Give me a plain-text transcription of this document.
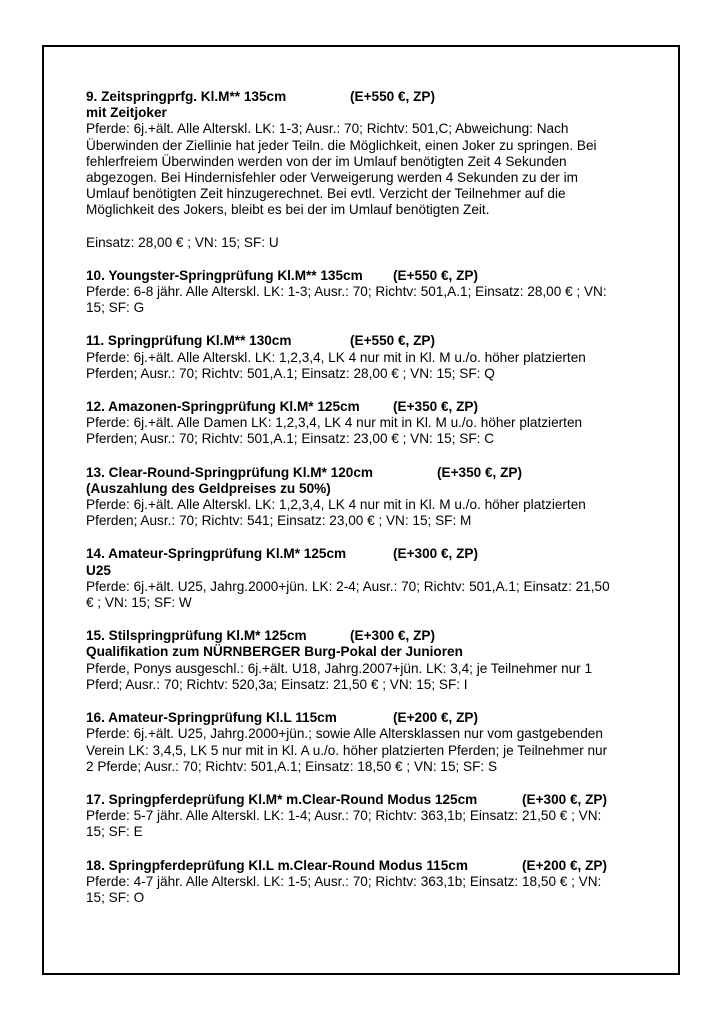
9. Zeitspringprfg. Kl.M** 135cm	(E+550 €, ZP)
mit Zeitjoker
Pferde: 6j.+ält. Alle Alterskl. LK: 1-3; Ausr.: 70; Richtv: 501,C; Abweichung: Nach
Überwinden der Ziellinie hat jeder Teiln. die Möglichkeit, einen Joker zu springen. Bei
fehlerfreiem Überwinden werden von der im Umlauf benötigten Zeit 4 Sekunden
abgezogen. Bei Hindernisfehler oder Verweigerung werden 4 Sekunden zu der im
Umlauf benötigten Zeit hinzugerechnet. Bei evtl. Verzicht der Teilnehmer auf die
Möglichkeit des Jokers, bleibt es bei der im Umlauf benötigten Zeit.
Einsatz: 28,00 € ; VN: 15; SF: U
10. Youngster-Springprüfung Kl.M** 135cm (E+550 €, ZP)
Pferde: 6-8 jähr. Alle Alterskl. LK: 1-3; Ausr.: 70; Richtv: 501,A.1; Einsatz: 28,00 € ; VN:
15; SF: G
11. Springprüfung Kl.M** 130cm	(E+550 €, ZP)
Pferde: 6j.+ält. Alle Alterskl. LK: 1,2,3,4, LK 4 nur mit in Kl. M u./o. höher platzierten
Pferden; Ausr.: 70; Richtv: 501,A.1; Einsatz: 28,00 € ; VN: 15; SF: Q
12. Amazonen-Springprüfung Kl.M* 125cm (E+350 €, ZP)
Pferde: 6j.+ält. Alle Damen LK: 1,2,3,4, LK 4 nur mit in Kl. M u./o. höher platzierten
Pferden; Ausr.: 70; Richtv: 501,A.1; Einsatz: 23,00 € ; VN: 15; SF: C
13. Clear-Round-Springprüfung Kl.M* 120cm	(E+350 €, ZP)
(Auszahlung des Geldpreises zu 50%)
Pferde: 6j.+ält. Alle Alterskl. LK: 1,2,3,4, LK 4 nur mit in Kl. M u./o. höher platzierten
Pferden; Ausr.: 70; Richtv: 541; Einsatz: 23,00 € ; VN: 15; SF: M
14. Amateur-Springprüfung Kl.M* 125cm	(E+300 €, ZP)
U25
Pferde: 6j.+ält. U25, Jahrg.2000+jün. LK: 2-4; Ausr.: 70; Richtv: 501,A.1; Einsatz: 21,50
€ ; VN: 15; SF: W
15. Stilspringprüfung Kl.M* 125cm	(E+300 €, ZP)
Qualifikation zum NÜRNBERGER Burg-Pokal der Junioren
Pferde, Ponys ausgeschl.: 6j.+ält. U18, Jahrg.2007+jün. LK: 3,4; je Teilnehmer nur 1
Pferd; Ausr.: 70; Richtv: 520,3a; Einsatz: 21,50 € ; VN: 15; SF: I
16. Amateur-Springprüfung Kl.L 115cm	(E+200 €, ZP)
Pferde: 6j.+ält. U25, Jahrg.2000+jün.; sowie Alle Altersklassen nur vom gastgebenden
Verein LK: 3,4,5, LK 5 nur mit in Kl. A u./o. höher platzierten Pferden; je Teilnehmer nur
2 Pferde; Ausr.: 70; Richtv: 501,A.1; Einsatz: 18,50 € ; VN: 15; SF: S
17. Springpferdeprüfung Kl.M* m.Clear-Round Modus 125cm	(E+300 €, ZP)
Pferde: 5-7 jähr. Alle Alterskl. LK: 1-4; Ausr.: 70; Richtv: 363,1b; Einsatz: 21,50 € ; VN:
15; SF: E
18. Springpferdeprüfung Kl.L m.Clear-Round Modus 115cm	(E+200 €, ZP)
Pferde: 4-7 jähr. Alle Alterskl. LK: 1-5; Ausr.: 70; Richtv: 363,1b; Einsatz: 18,50 € ; VN:
15; SF: O
